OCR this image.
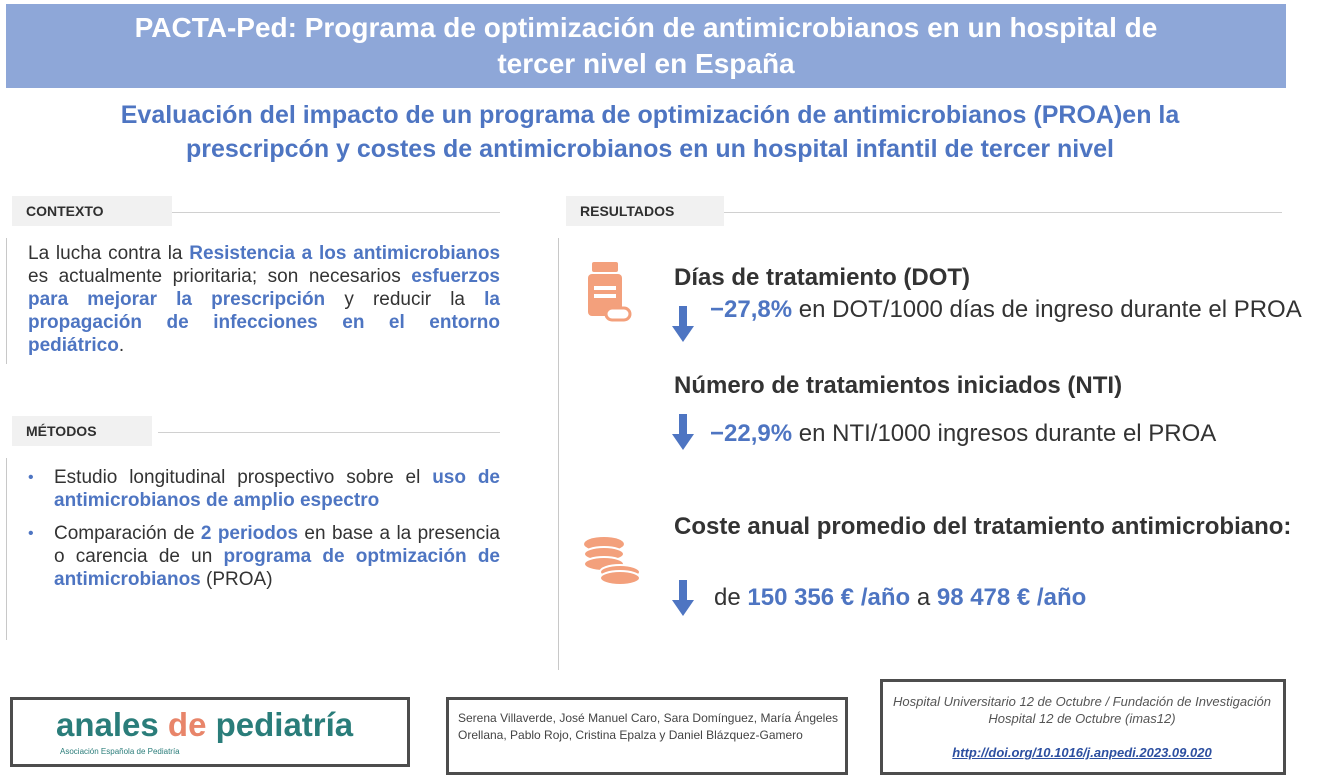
PACTA-Ped: Programa de optimización de antimicrobianos en un hospital de
tercer nivel en España
Evaluación del impacto de un programa de optimización de antimicrobianos (PROA)en la
prescripcón y costes de antimicrobianos en un hospital infantil de tercer nivel
CONTEXTO
La lucha contra la Resistencia a los antimicrobianos es actualmente prioritaria; son necesarios esfuerzos para mejorar la prescripción y reducir la la propagación de infecciones en el entorno pediátrico.
MÉTODOS
• Estudio longitudinal prospectivo sobre el uso de antimicrobianos de amplio espectro
• Comparación de 2 periodos en base a la presencia o carencia de un programa de optmización de antimicrobianos (PROA)
RESULTADOS
Días de tratamiento (DOT)
−27,8% en DOT/1000 días de ingreso durante el PROA
Número de tratamientos iniciados (NTI)
−22,9% en NTI/1000 ingresos durante el PROA
Coste anual promedio del tratamiento antimicrobiano:
de 150 356 € /año a 98 478 € /año
anales de pediatría
Asociación Española de Pediatría
Serena Villaverde, José Manuel Caro, Sara Domínguez, María Ángeles Orellana, Pablo Rojo, Cristina Epalza y Daniel Blázquez-Gamero
Hospital Universitario 12 de Octubre / Fundación de Investigación Hospital 12 de Octubre (imas12)
http://doi.org/10.1016/j.anpedi.2023.09.020
